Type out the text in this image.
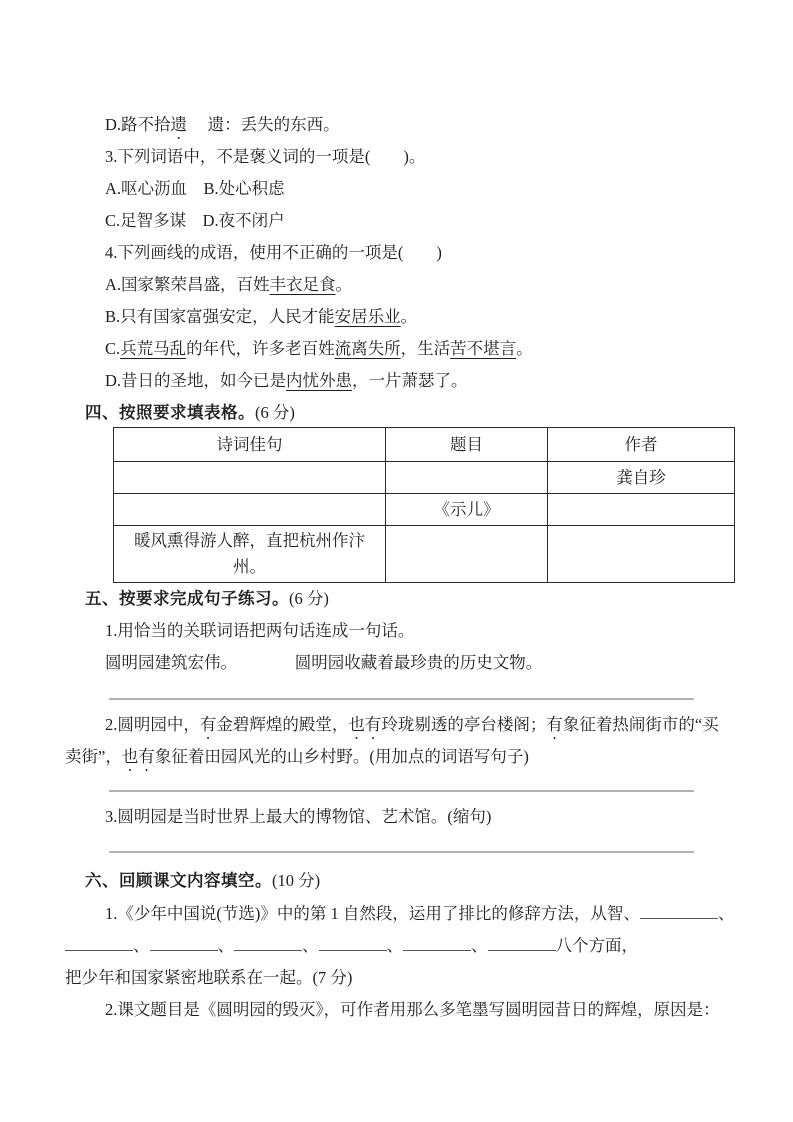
D.路不拾遗　 遗：丢失的东西。
3.下列词语中，不是褒义词的一项是(　　)。
A.呕心沥血　B.处心积虑
C.足智多谋　D.夜不闭户
4.下列画线的成语，使用不正确的一项是(　　)
A.国家繁荣昌盛，百姓丰衣足食。
B.只有国家富强安定，人民才能安居乐业。
C.兵荒马乱的年代，许多老百姓流离失所，生活苦不堪言。
D.昔日的圣地，如今已是内忧外患，一片萧瑟了。
四、按照要求填表格。(6 分)
诗词佳句	题目	作者
		龚自珍
	《示儿》	
暖风熏得游人醉，直把杭州作汴州。		
五、按要求完成句子练习。(6 分)
1.用恰当的关联词语把两句话连成一句话。
圆明园建筑宏伟。　　　　圆明园收藏着最珍贵的历史文物。
2.圆明园中，有金碧辉煌的殿堂，也有玲珑剔透的亭台楼阁；有象征着热闹街市的“买
卖街”，也有象征着田园风光的山乡村野。(用加点的词语写句子)
3.圆明园是当时世界上最大的博物馆、艺术馆。(缩句)
六、回顾课文内容填空。(10 分)
1.《少年中国说(节选)》中的第 1 自然段，运用了排比的修辞方法，从智、	、
、	、	、	、	、	八个方面，
把少年和国家紧密地联系在一起。(7 分)
2.课文题目是《圆明园的毁灭》，可作者用那么多笔墨写圆明园昔日的辉煌，原因是：
